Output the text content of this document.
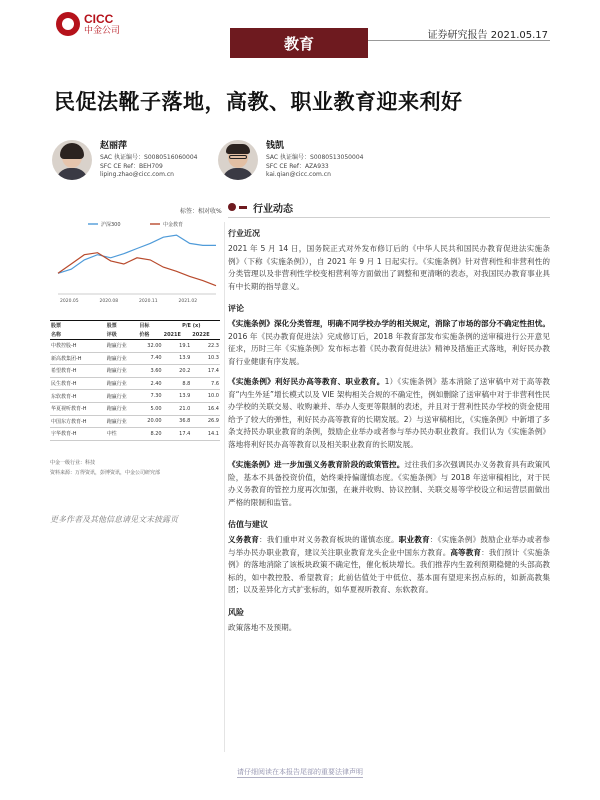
CICC
中金公司
教育	证券研究报告 2021.05.17
民促法靴子落地，高教、职业教育迎来利好
赵丽萍
SAC 执证编号：S0080516060004
SFC CE Ref：BEH709
liping.zhao@cicc.com.cn
钱凯
SAC 执证编号：S0080513050004
SFC CE Ref：AZA933
kai.qian@cicc.com.cn
标签：相对收%
沪深300	中金教育
2020.05	2020.08	2020.11	2021.02
股票	股票	目标	P/E (x)	
名称	评级	价格	2021E	2022E
中教控股-H	跑赢行业	32.00	19.1	22.3
新高教集团-H	跑赢行业	7.40	13.9	10.3
希望教育-H	跑赢行业	3.60	20.2	17.4
民生教育-H	跑赢行业	2.40	8.8	7.6
东软教育-H	跑赢行业	7.30	13.9	10.0
华夏视听教育-H	跑赢行业	5.00	21.0	16.4
中国东方教育-H	跑赢行业	20.00	36.8	26.9
宇华教育-H	中性	8.20	17.4	14.1
中金一级行业：科技
资料来源：万得资讯，彭博资讯，中金公司研究部
更多作者及其他信息请见文末披露页
行业动态
行业近况

2021 年 5 月 14 日，国务院正式对外发布修订后的《中华人民共和国民办教育促进法实施条例》（下称《实施条例》），自 2021 年 9 月 1 日起实行。《实施条例》针对营利性和非营利性的分类管理以及非营利性学校变相营利等方面做出了调整和更清晰的表态，对我国民办教育事业具有中长期的指导意义。

评论

《实施条例》深化分类管理，明确不同学校办学的相关规定，消除了市场的部分不确定性担忧。2016 年《民办教育促进法》完成修订后，2018 年教育部发布实施条例的送审稿进行公开意见征求，历时三年《实施条例》发布标志着《民办教育促进法》精神及措施正式落地，利好民办教育行业健康有序发展。

《实施条例》利好民办高等教育、职业教育。1）《实施条例》基本消除了送审稿中对于高等教育“内生外延”增长模式以及 VIE 架构相关合规的不确定性，例如删除了送审稿中对于非营利性民办学校的关联交易、收购兼并、举办人变更等限制的表述，并且对于营利性民办学校的资金使用给予了较大的弹性，利好民办高等教育的长期发展。2）与送审稿相比，《实施条例》中新增了多条支持民办职业教育的条例，鼓励企业举办或者参与举办民办职业教育。我们认为《实施条例》落地将利好民办高等教育以及相关职业教育的长期发展。

《实施条例》进一步加强义务教育阶段的政策管控。过往我们多次强调民办义务教育具有政策风险，基本不具备投资价值，始终秉持偏谨慎态度。《实施条例》与 2018 年送审稿相比，对于民办义务教育的管控力度再次加强，在兼并收购、协议控制、关联交易等学校设立和运营层面做出严格的限制和监管。

估值与建议

义务教育：我们重申对义务教育板块的谨慎态度。职业教育：《实施条例》鼓励企业举办或者参与举办民办职业教育，建议关注职业教育龙头企业中国东方教育。高等教育：我们预计《实施条例》的落地消除了该板块政策不确定性，催化板块增长。我们推荐内生盈利预期稳健的头部高教标的，如中教控股、希望教育；此前估值处于中低位、基本面有望迎来拐点标的，如新高教集团；以及差异化方式扩张标的，如华夏视听教育、东软教育。

风险

政策落地不及预期。

请仔细阅读在本报告尾部的重要法律声明
